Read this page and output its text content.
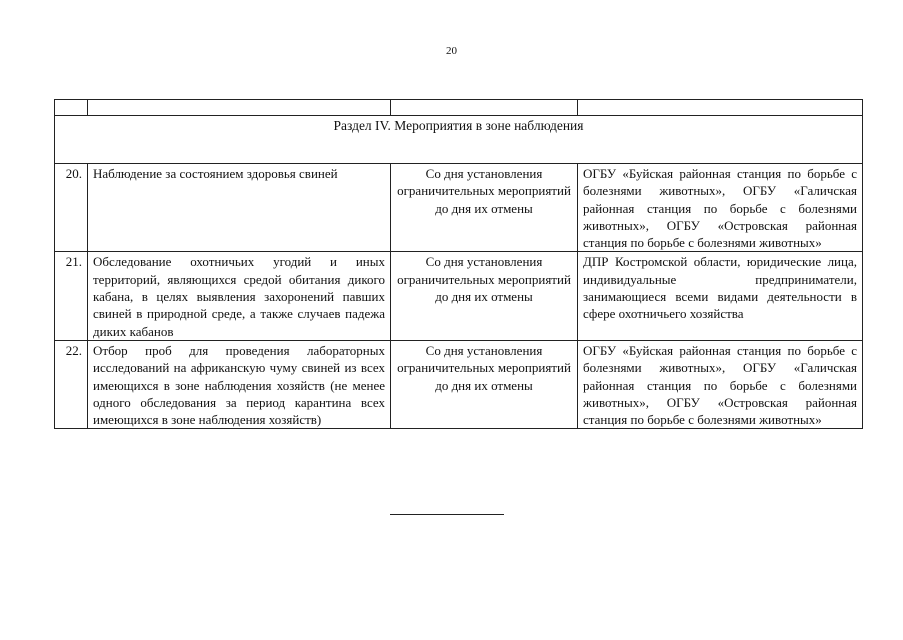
20

Раздел IV. Мероприятия в зоне наблюдения			
20.	Наблюдение за состоянием здоровья свиней	Со дня установления ограничительных мероприятий до дня их отмены	ОГБУ «Буйская районная станция по борьбе с болезнями животных», ОГБУ «Галичская районная станция по борьбе с болезнями животных», ОГБУ «Островская районная станция по борьбе с болезнями животных»
21.	Обследование охотничьих угодий и иных территорий, являющихся средой обитания дикого кабана, в целях выявления захоронений павших свиней в природной среде, а также случаев падежа диких кабанов	Со дня установления ограничительных мероприятий до дня их отмены	ДПР Костромской области, юридические лица, индивидуальные предприниматели, занимающиеся всеми видами деятельности в сфере охотничьего хозяйства
22.	Отбор проб для проведения лабораторных исследований на африканскую чуму свиней из всех имеющихся в зоне наблюдения хозяйств (не менее одного обследования за период карантина всех имеющихся в зоне наблюдения хозяйств)	Со дня установления ограничительных мероприятий до дня их отмены	ОГБУ «Буйская районная станция по борьбе с болезнями животных», ОГБУ «Галичская районная станция по борьбе с болезнями животных», ОГБУ «Островская районная станция по борьбе с болезнями животных»
